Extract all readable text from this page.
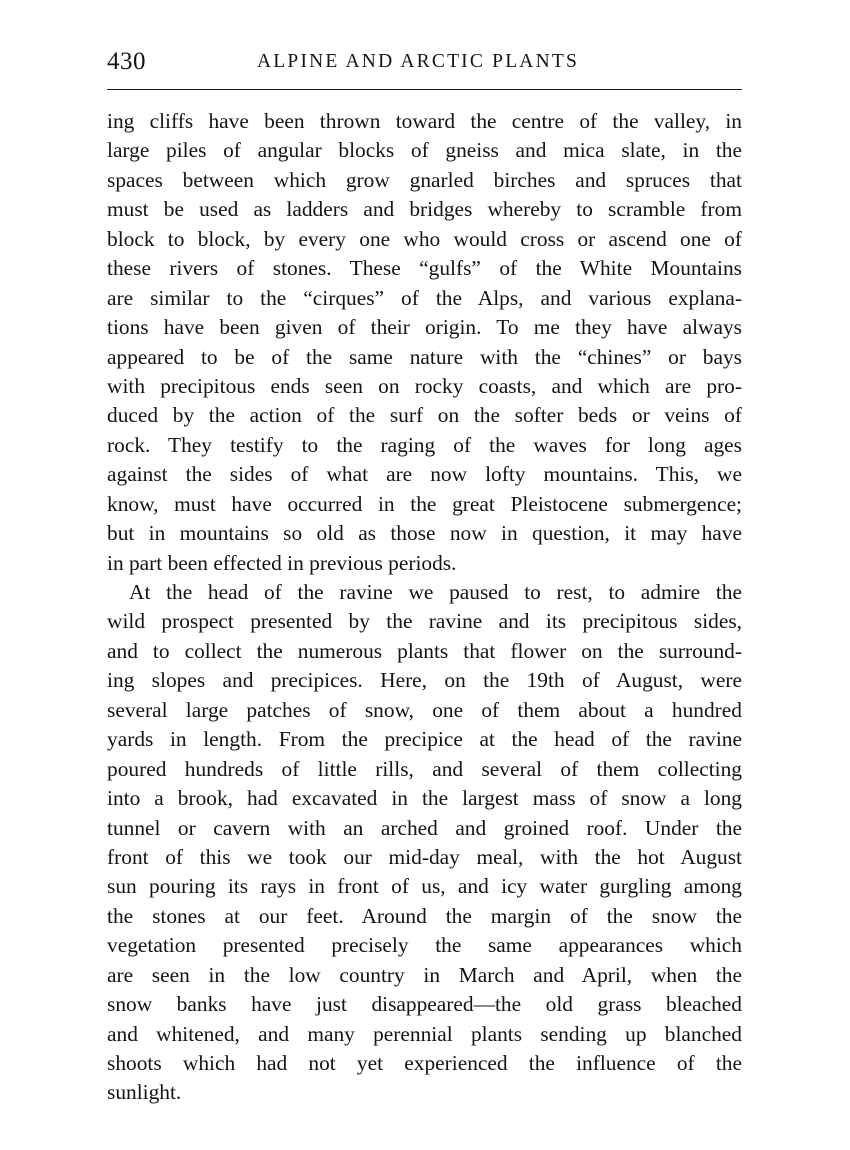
430	ALPINE AND ARCTIC PLANTS
ing cliffs have been thrown toward the centre of the valley, in
large piles of angular blocks of gneiss and mica slate, in the
spaces between which grow gnarled birches and spruces that
must be used as ladders and bridges whereby to scramble from
block to block, by every one who would cross or ascend one of
these rivers of stones. These “gulfs” of the White Mountains
are similar to the “cirques” of the Alps, and various explana-
tions have been given of their origin. To me they have always
appeared to be of the same nature with the “chines” or bays
with precipitous ends seen on rocky coasts, and which are pro-
duced by the action of the surf on the softer beds or veins of
rock. They testify to the raging of the waves for long ages
against the sides of what are now lofty mountains. This, we
know, must have occurred in the great Pleistocene submergence;
but in mountains so old as those now in question, it may have
in part been effected in previous periods.
At the head of the ravine we paused to rest, to admire the
wild prospect presented by the ravine and its precipitous sides,
and to collect the numerous plants that flower on the surround-
ing slopes and precipices. Here, on the 19th of August, were
several large patches of snow, one of them about a hundred
yards in length. From the precipice at the head of the ravine
poured hundreds of little rills, and several of them collecting
into a brook, had excavated in the largest mass of snow a long
tunnel or cavern with an arched and groined roof. Under the
front of this we took our mid-day meal, with the hot August
sun pouring its rays in front of us, and icy water gurgling among
the stones at our feet. Around the margin of the snow the
vegetation presented precisely the same appearances which
are seen in the low country in March and April, when the
snow banks have just disappeared—the old grass bleached
and whitened, and many perennial plants sending up blanched
shoots which had not yet experienced the influence of the
sunlight.
